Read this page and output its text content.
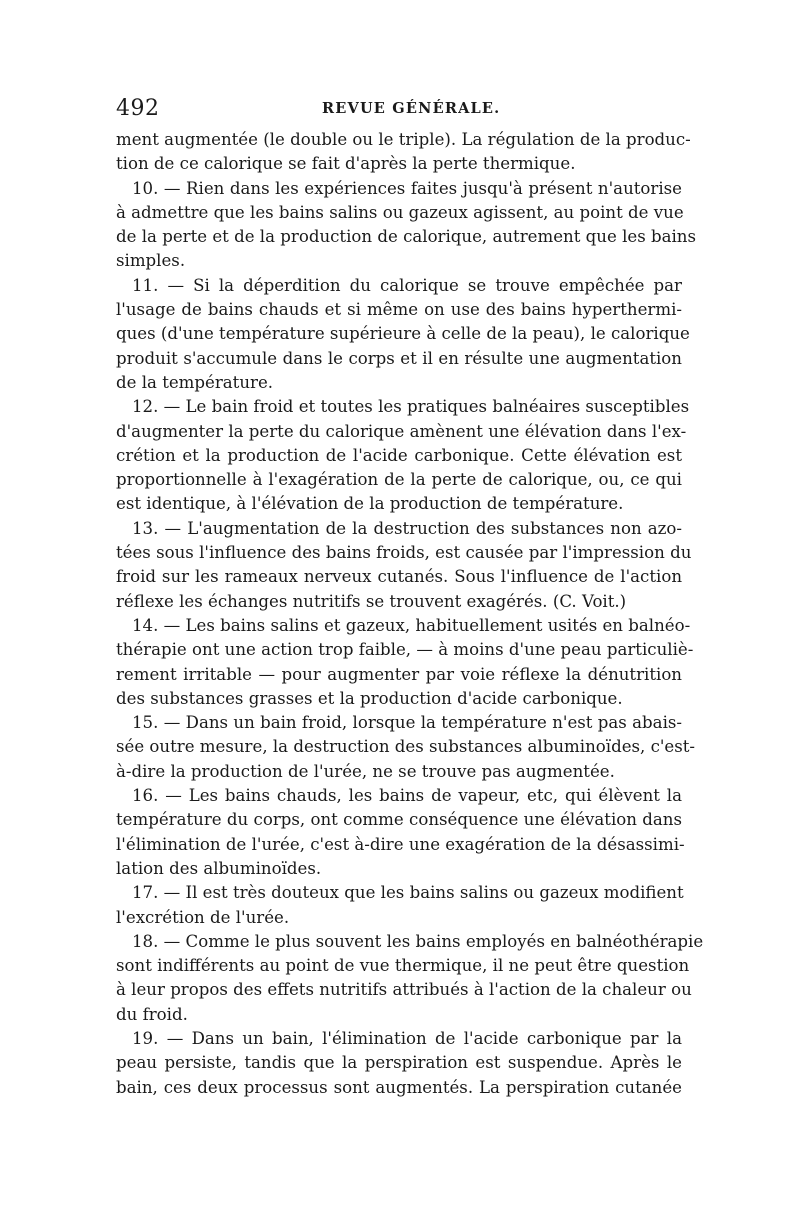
492	REVUE GÉNÉRALE.
ment augmentée (le double ou le triple). La régulation de la produc-
tion de ce calorique se fait d'après la perte thermique.
10. — Rien dans les expériences faites jusqu'à présent n'autorise
à admettre que les bains salins ou gazeux agissent, au point de vue
de la perte et de la production de calorique, autrement que les bains
simples.
11. — Si la déperdition du calorique se trouve empêchée par
l'usage de bains chauds et si même on use des bains hyperthermi-
ques (d'une température supérieure à celle de la peau), le calorique
produit s'accumule dans le corps et il en résulte une augmentation
de la température.
12. — Le bain froid et toutes les pratiques balnéaires susceptibles
d'augmenter la perte du calorique amènent une élévation dans l'ex-
crétion et la production de l'acide carbonique. Cette élévation est
proportionnelle à l'exagération de la perte de calorique, ou, ce qui
est identique, à l'élévation de la production de température.
13. — L'augmentation de la destruction des substances non azo-
tées sous l'influence des bains froids, est causée par l'impression du
froid sur les rameaux nerveux cutanés. Sous l'influence de l'action
réflexe les échanges nutritifs se trouvent exagérés. (C. Voit.)
14. — Les bains salins et gazeux, habituellement usités en balnéo-
thérapie ont une action trop faible, — à moins d'une peau particuliè-
rement irritable — pour augmenter par voie réflexe la dénutrition
des substances grasses et la production d'acide carbonique.
15. — Dans un bain froid, lorsque la température n'est pas abais-
sée outre mesure, la destruction des substances albuminoïdes, c'est-
à-dire la production de l'urée, ne se trouve pas augmentée.
16. — Les bains chauds, les bains de vapeur, etc, qui élèvent la
température du corps, ont comme conséquence une élévation dans
l'élimination de l'urée, c'est à-dire une exagération de la désassimi-
lation des albuminoïdes.
17. — Il est très douteux que les bains salins ou gazeux modifient
l'excrétion de l'urée.
18. — Comme le plus souvent les bains employés en balnéothérapie
sont indifférents au point de vue thermique, il ne peut être question
à leur propos des effets nutritifs attribués à l'action de la chaleur ou
du froid.
19. — Dans un bain, l'élimination de l'acide carbonique par la
peau persiste, tandis que la perspiration est suspendue. Après le
bain, ces deux processus sont augmentés. La perspiration cutanée
